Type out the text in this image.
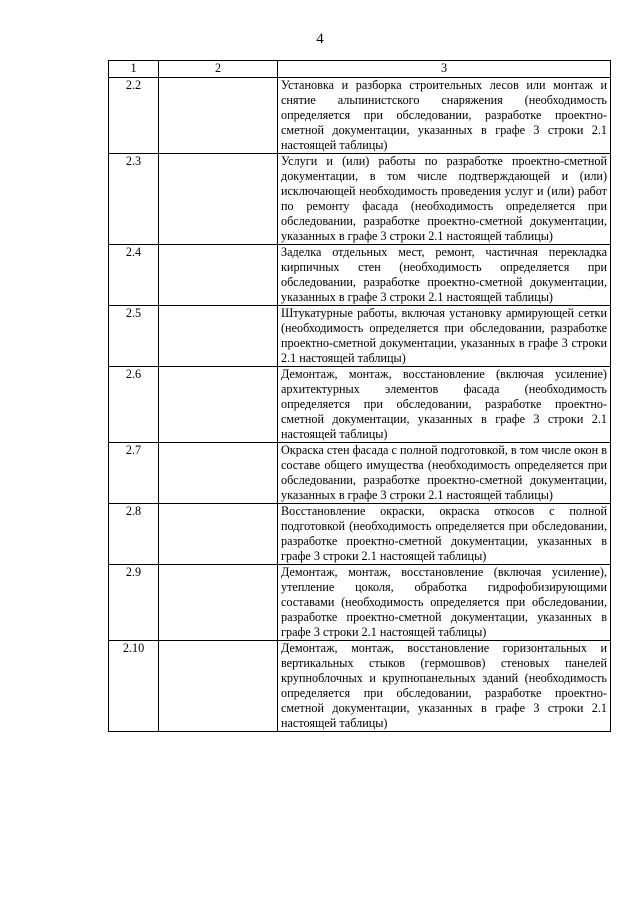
4
1	2	3
2.2		Установка и разборка строительных лесов или монтаж и снятие альпинистского снаряжения (необходимость определяется при обследовании, разработке проектно-сметной документации, указанных в графе 3 строки 2.1 настоящей таблицы)
2.3		Услуги и (или) работы по разработке проектно-сметной документации, в том числе подтверждающей и (или) исключающей необходимость проведения услуг и (или) работ по ремонту фасада (необходимость определяется при обследовании, разработке проектно-сметной документации, указанных в графе 3 строки 2.1 настоящей таблицы)
2.4		Заделка отдельных мест, ремонт, частичная перекладка кирпичных стен (необходимость определяется при обследовании, разработке проектно-сметной документации, указанных в графе 3 строки 2.1 настоящей таблицы)
2.5		Штукатурные работы, включая установку армирующей сетки (необходимость определяется при обследовании, разработке проектно-сметной документации, указанных в графе 3 строки 2.1 настоящей таблицы)
2.6		Демонтаж, монтаж, восстановление (включая усиление) архитектурных элементов фасада (необходимость определяется при обследовании, разработке проектно-сметной документации, указанных в графе 3 строки 2.1 настоящей таблицы)
2.7		Окраска стен фасада с полной подготовкой, в том числе окон в составе общего имущества (необходимость определяется при обследовании, разработке проектно-сметной документации, указанных в графе 3 строки 2.1 настоящей таблицы)
2.8		Восстановление окраски, окраска откосов с полной подготовкой (необходимость определяется при обследовании, разработке проектно-сметной документации, указанных в графе 3 строки 2.1 настоящей таблицы)
2.9		Демонтаж, монтаж, восстановление (включая усиление), утепление цоколя, обработка гидрофобизирующими составами (необходимость определяется при обследовании, разработке проектно-сметной документации, указанных в графе 3 строки 2.1 настоящей таблицы)
2.10		Демонтаж, монтаж, восстановление горизонтальных и вертикальных стыков (гермошвов) стеновых панелей крупноблочных и крупнопанельных зданий (необходимость определяется при обследовании, разработке проектно-сметной документации, указанных в графе 3 строки 2.1 настоящей таблицы)
